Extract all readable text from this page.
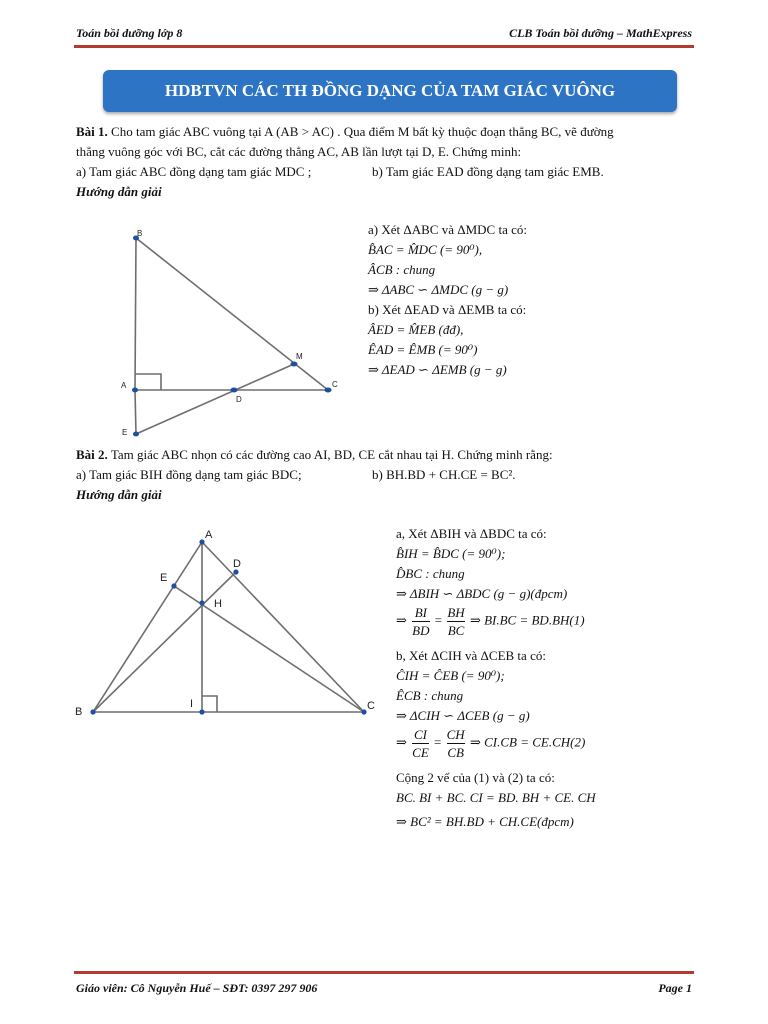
Toán bồi dưỡng lớp 8	CLB Toán bồi dưỡng – MathExpress
HDBTVN CÁC TH ĐỒNG DẠNG CỦA TAM GIÁC VUÔNG
Bài 1. Cho tam giác ABC vuông tại A (AB > AC) . Qua điểm M bất kỳ thuộc đoạn thẳng BC, vẽ đường
thẳng vuông góc với BC, cắt các đường thẳng AC, AB lần lượt tại D, E. Chứng minh:
a) Tam giác ABC đồng dạng tam giác MDC ;	b) Tam giác EAD đồng dạng tam giác EMB.
Hướng dẫn giải
B
A
D
M
C
E
a) Xét ΔABC và ΔMDC ta có:
B̂AC = M̂DC (= 90⁰),
ÂCB : chung
⇒ ΔABC ∽ ΔMDC (g − g)
b) Xét ΔEAD và ΔEMB ta có:
ÂED = M̂EB (đđ),
ÊAD = ÊMB (= 90⁰)
⇒ ΔEAD ∽ ΔEMB (g − g)
Bài 2. Tam giác ABC nhọn có các đường cao AI, BD, CE cắt nhau tại H. Chứng minh rằng:
a) Tam giác BIH đồng dạng tam giác BDC;	b) BH.BD + CH.CE = BC².
Hướng dẫn giải
A
E
D
H
B
I	C
a, Xét ΔBIH và ΔBDC ta có:
B̂IH = B̂DC (= 90⁰);
D̂BC : chung
⇒ ΔBIH ∽ ΔBDC (g − g)(đpcm)
⇒ $\frac{BI}{BD} = \frac{BH}{BC}$ ⇒ BI.BC = BD.BH(1)
b, Xét ΔCIH và ΔCEB ta có:
ĈIH = ĈEB (= 90⁰);
ÊCB : chung
⇒ ΔCIH ∽ ΔCEB (g − g)
⇒ $\frac{CI}{CE} = \frac{CH}{CB}$ ⇒ CI.CB = CE.CH(2)
Cộng 2 vế của (1) và (2) ta có:
BC. BI + BC. CI = BD. BH + CE. CH
⇒ BC² = BH.BD + CH.CE(đpcm)
Giáo viên: Cô Nguyễn Huế – SĐT: 0397 297 906	Page 1
